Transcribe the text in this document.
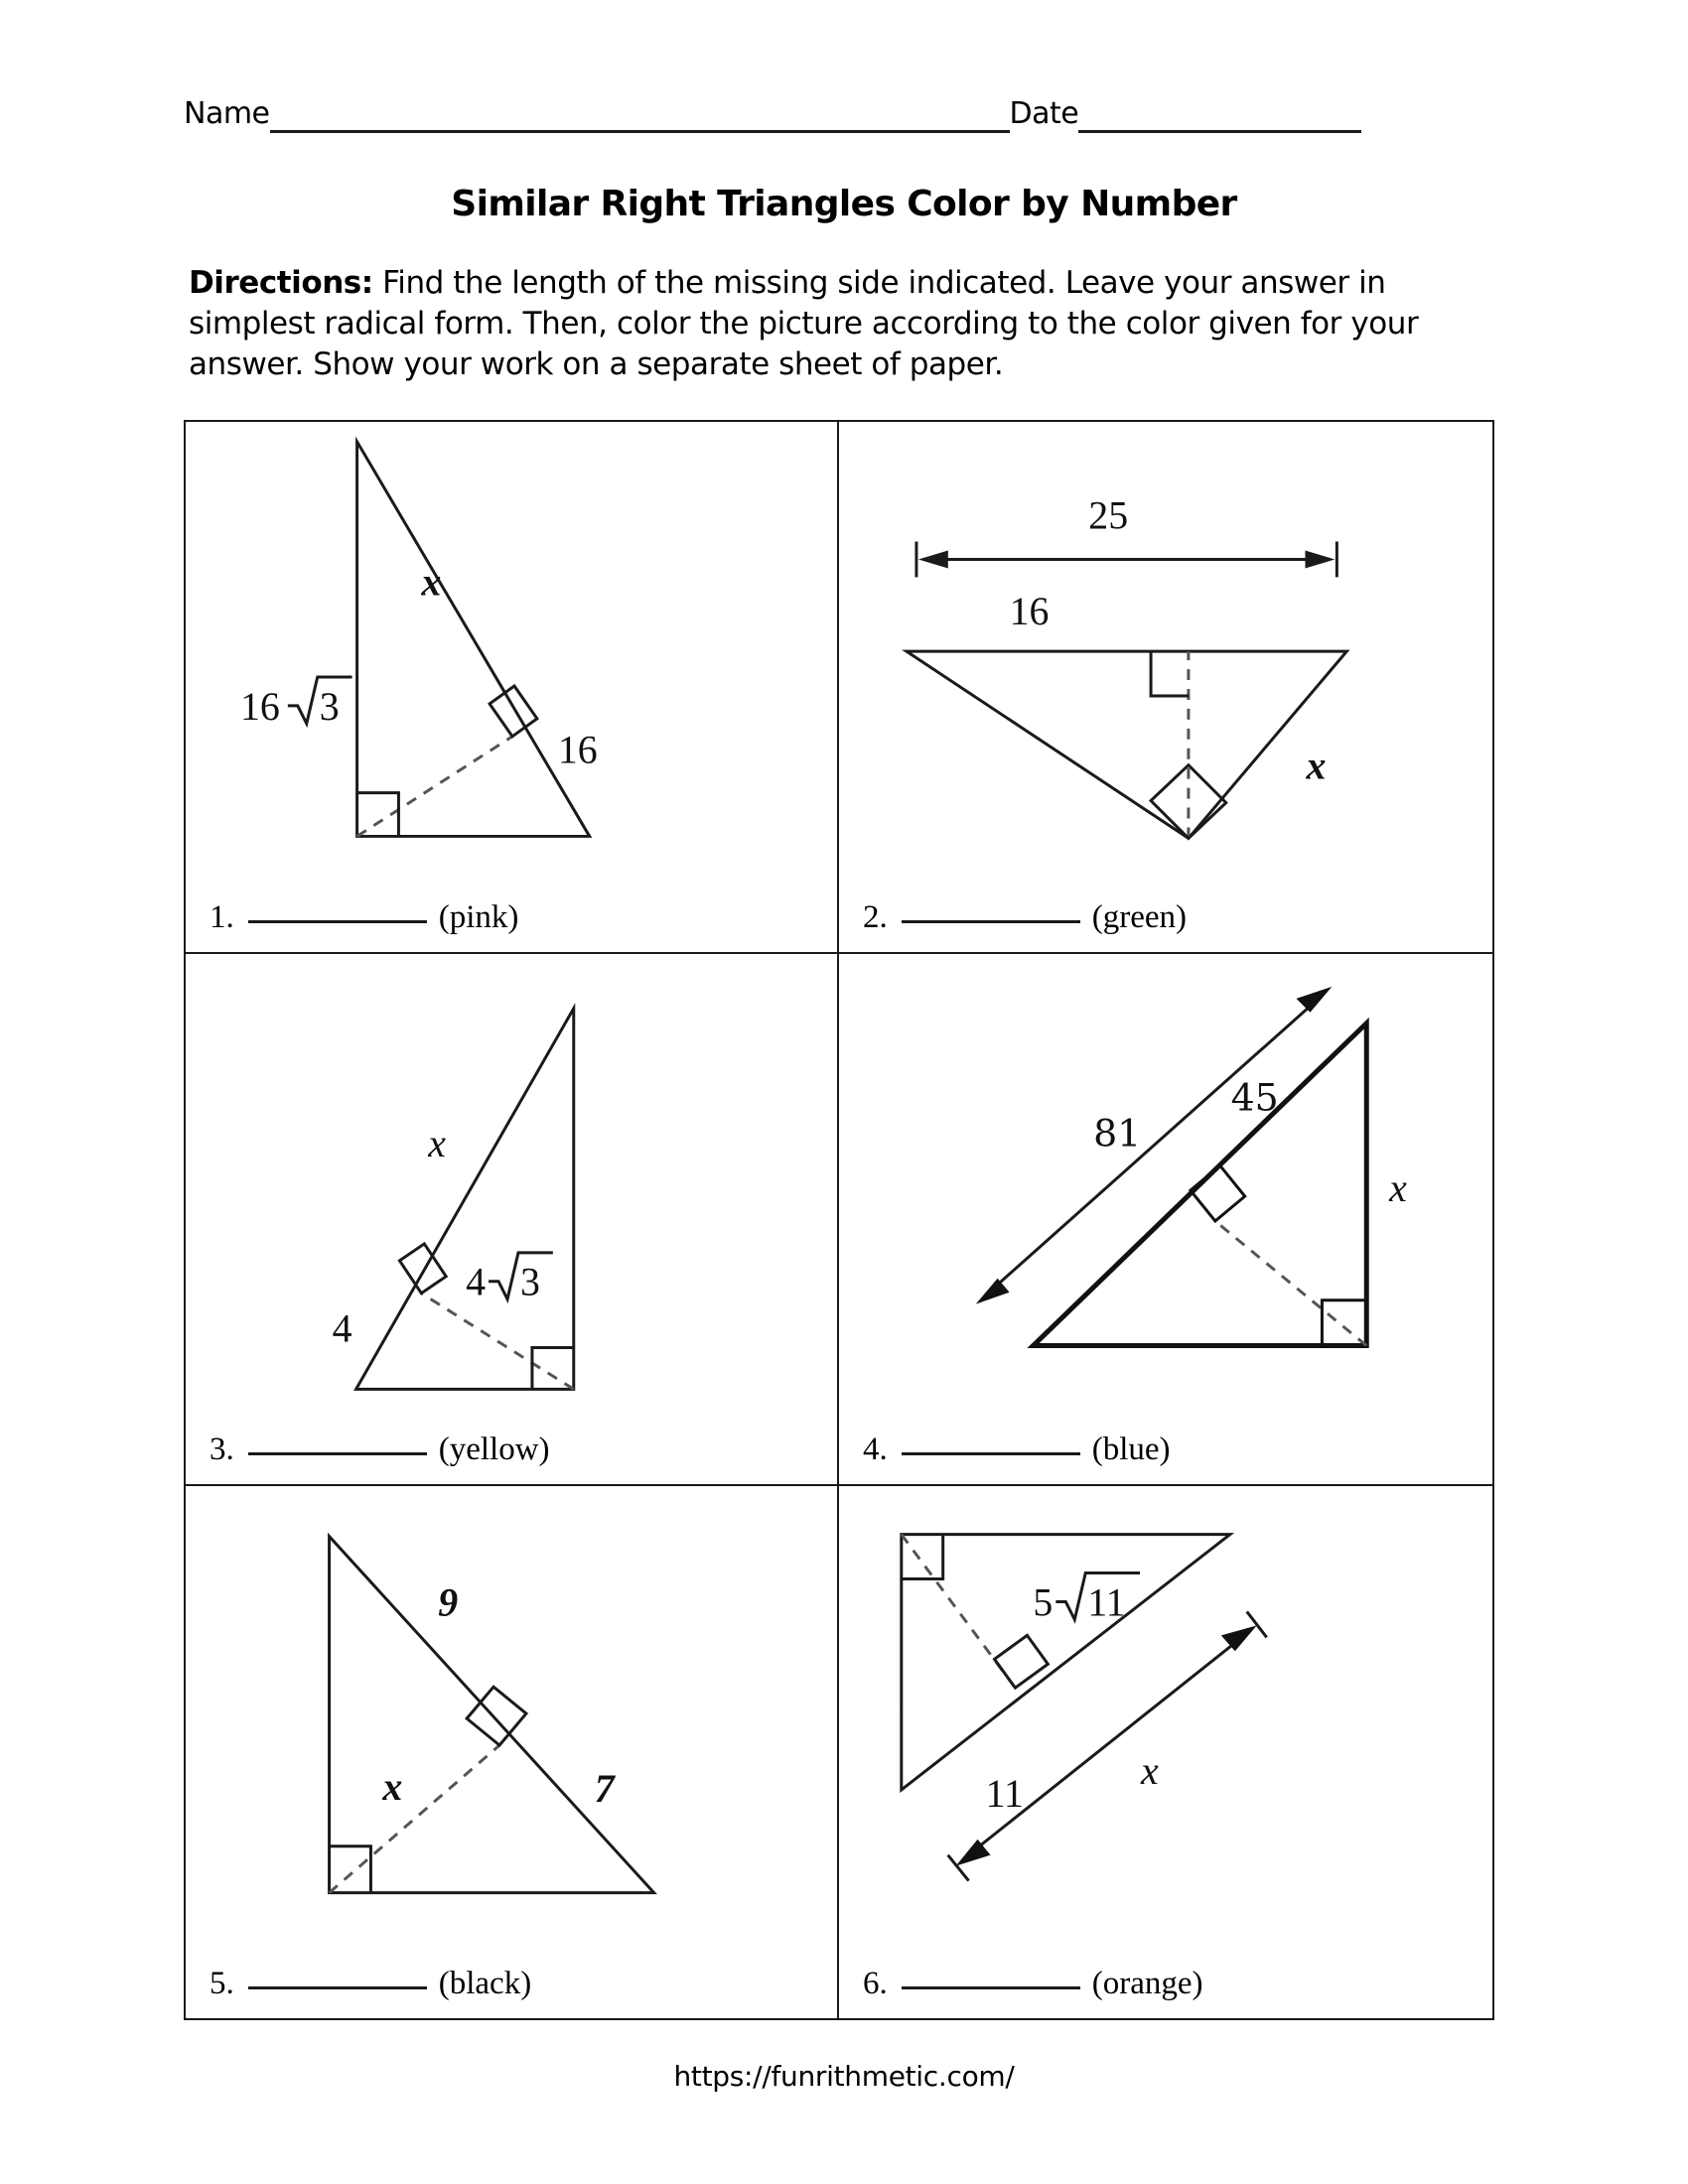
Name	Date
Similar Right Triangles Color by Number
Directions: Find the length of the missing side indicated. Leave your answer in simplest radical form. Then, color the picture according to the color given for your answer. Show your work on a separate sheet of paper.
x
16 3
16
1.	(pink)
25
16
x
2.	(green)
x
4
4 3
3.	(yellow)
81
45
x
4.	(blue)
9
7
x
5.	(black)
5 11
11
x
6.	(orange)
https://funrithmetic.com/
